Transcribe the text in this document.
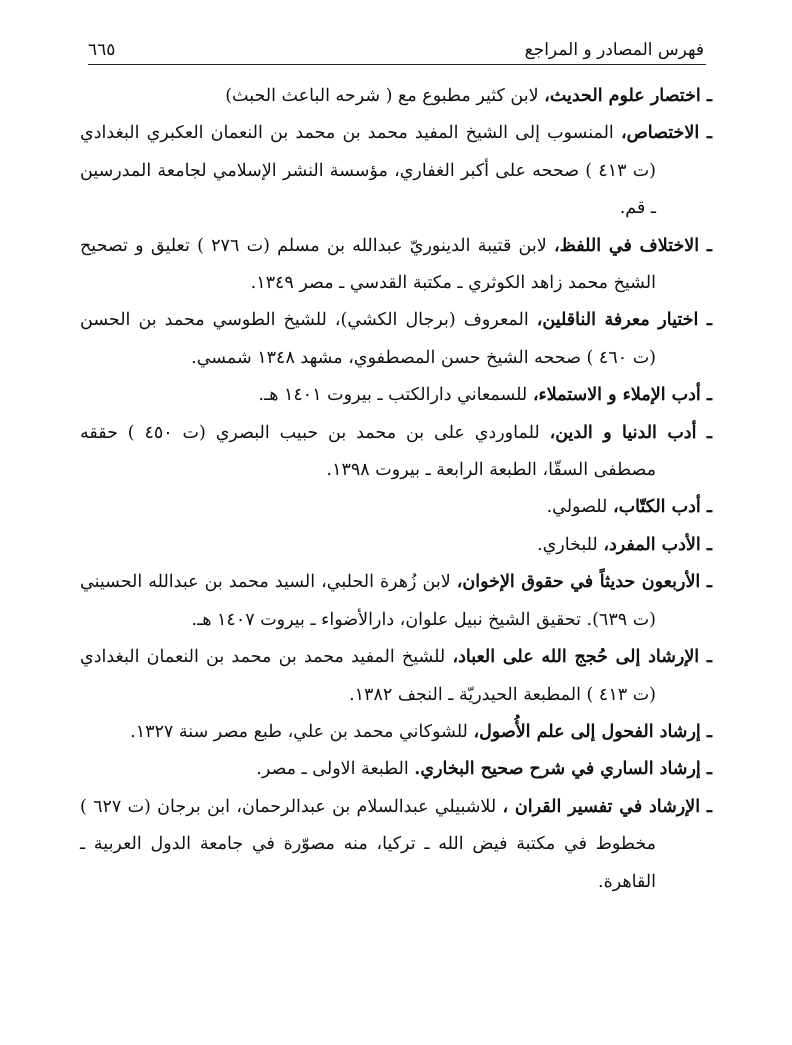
فهرس المصادر و المراجع
٦٦٥

ـ اختصار علوم الحديث، لابن كثير مطبوع مع ( شرحه الباعث الحبث)

ـ الاختصاص، المنسوب إلى الشيخ المفيد محمد بن محمد بن النعمان العكبري البغدادي (ت ٤١٣ ) صححه على أكبر الغفاري، مؤسسة النشر الإسلامي لجامعة المدرسين ـ قم.

ـ الاختلاف في اللفظ، لابن قتيبة الدينوريّ عبدالله بن مسلم (ت ٢٧٦ ) تعليق و تصحيح الشيخ محمد زاهد الكوثري ـ مكتبة القدسي ـ مصر ١٣٤٩.

ـ اختيار معرفة الناقلين، المعروف (برجال الكشي)، للشيخ الطوسي محمد بن الحسن (ت ٤٦٠ ) صححه الشيخ حسن المصطفوي، مشهد ١٣٤٨ شمسي.

ـ أدب الإملاء و الاستملاء، للسمعاني دارالكتب ـ بيروت ١٤٠١ هـ.

ـ أدب الدنيا و الدين، للماوردي على بن محمد بن حبيب البصري (ت ٤٥٠ ) حققه مصطفى السقّا، الطبعة الرابعة ـ بيروت ١٣٩٨.

ـ أدب الكتّاب، للصولي.

ـ الأدب المفرد، للبخاري.

ـ الأربعون حديثاً في حقوق الإخوان، لابن زُهرة الحلبي، السيد محمد بن عبدالله الحسيني (ت ٦٣٩). تحقيق الشيخ نبيل علوان، دارالأضواء ـ بيروت ١٤٠٧ هـ.

ـ الإرشاد إلى حُجج الله على العباد، للشيخ المفيد محمد بن محمد بن النعمان البغدادي (ت ٤١٣ ) المطبعة الحيدريّة ـ النجف ١٣٨٢.

ـ إرشاد الفحول إلى علم الأُصول، للشوكاني محمد بن علي، طبع مصر سنة ١٣٢٧.

ـ إرشاد الساري في شرح صحيح البخاري. الطبعة الاولى ـ مصر.

ـ الإرشاد في تفسير القران ، للاشبيلي عبدالسلام بن عبدالرحمان، ابن برجان (ت ٦٢٧ ) مخطوط في مكتبة فيض الله ـ تركيا، منه مصوّرة في جامعة الدول العربية ـ القاهرة.
